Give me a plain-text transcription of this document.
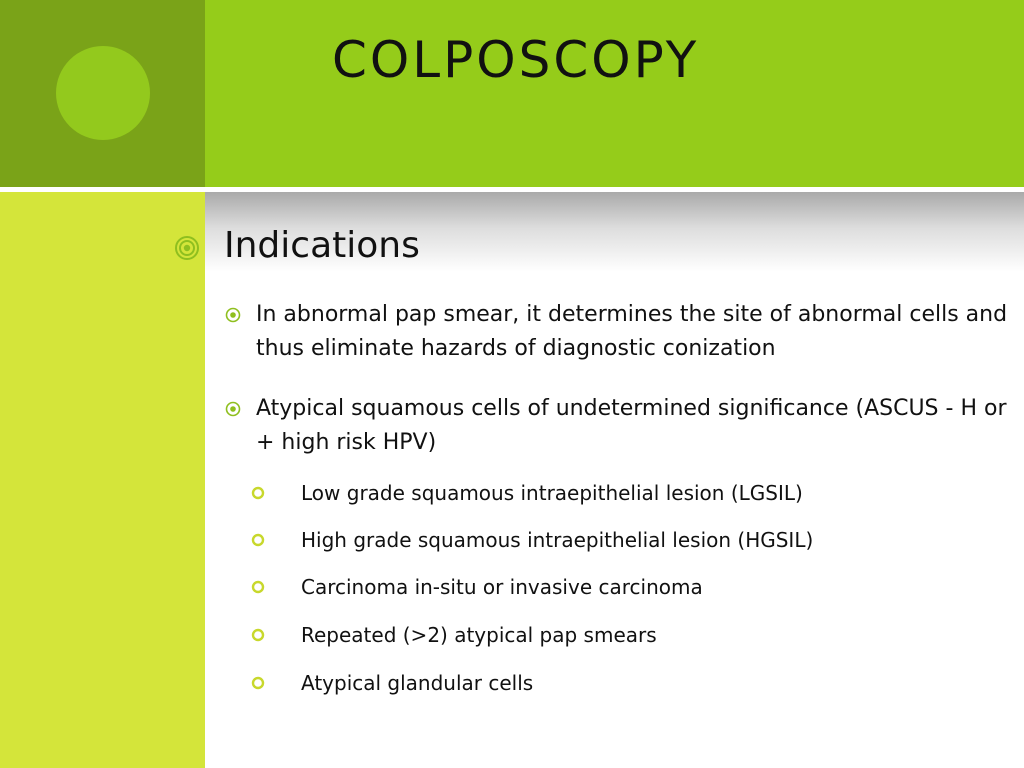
COLPOSCOPY
Indications
In abnormal pap smear, it determines the site of abnormal cells and thus eliminate hazards of diagnostic conization
Atypical squamous cells of undetermined significance (ASCUS - H or + high risk HPV)
Low grade squamous intraepithelial lesion (LGSIL)
High grade squamous intraepithelial lesion (HGSIL)
Carcinoma in-situ or invasive carcinoma
Repeated (>2) atypical pap smears
Atypical glandular cells
